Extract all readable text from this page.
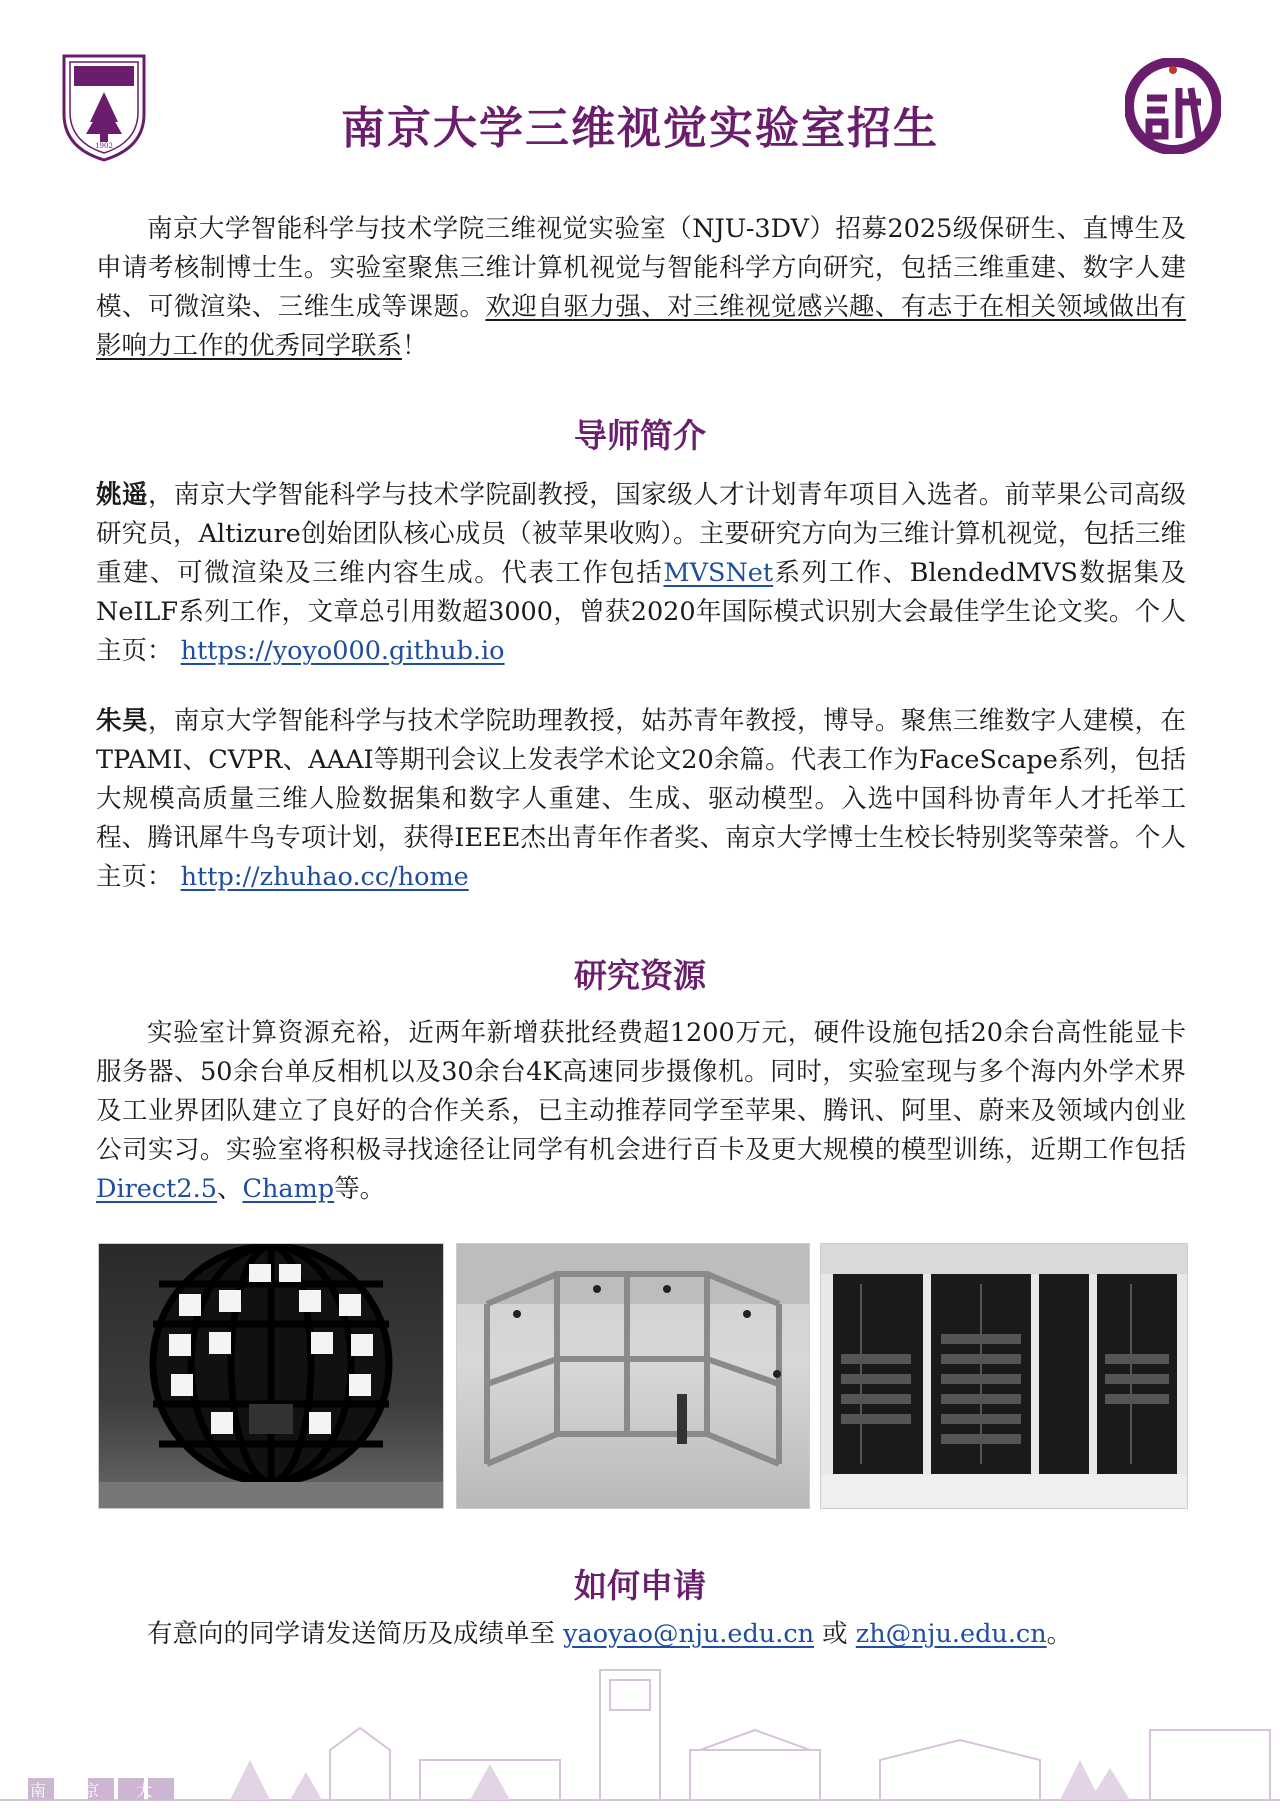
1902	南京大学三维视觉实验室招生

南京大学智能科学与技术学院三维视觉实验室（NJU-3DV）招募2025级保研生、直博生及申请考核制博士生。实验室聚焦三维计算机视觉与智能科学方向研究，包括三维重建、数字人建模、可微渲染、三维生成等课题。欢迎自驱力强、对三维视觉感兴趣、有志于在相关领域做出有影响力工作的优秀同学联系！

导师简介

姚遥，南京大学智能科学与技术学院副教授，国家级人才计划青年项目入选者。前苹果公司高级研究员，Altizure创始团队核心成员（被苹果收购）。主要研究方向为三维计算机视觉，包括三维重建、可微渲染及三维内容生成。代表工作包括MVSNet系列工作、BlendedMVS数据集及NeILF系列工作，文章总引用数超3000，曾获2020年国际模式识别大会最佳学生论文奖。个人主页： https://yoyo000.github.io

朱昊，南京大学智能科学与技术学院助理教授，姑苏青年教授，博导。聚焦三维数字人建模，在TPAMI、CVPR、AAAI等期刊会议上发表学术论文20余篇。代表工作为FaceScape系列，包括大规模高质量三维人脸数据集和数字人重建、生成、驱动模型。入选中国科协青年人才托举工程、腾讯犀牛鸟专项计划，获得IEEE杰出青年作者奖、南京大学博士生校长特别奖等荣誉。个人主页： http://zhuhao.cc/home

研究资源

实验室计算资源充裕，近两年新增获批经费超1200万元，硬件设施包括20余台高性能显卡服务器、50余台单反相机以及30余台4K高速同步摄像机。同时，实验室现与多个海内外学术界及工业界团队建立了良好的合作关系，已主动推荐同学至苹果、腾讯、阿里、蔚来及领域内创业公司实习。实验室将积极寻找途径让同学有机会进行百卡及更大规模的模型训练，近期工作包括 Direct2.5、Champ等。

如何申请

有意向的同学请发送简历及成绩单至 yaoyao@nju.edu.cn 或 zh@nju.edu.cn。

南 京 大 學
